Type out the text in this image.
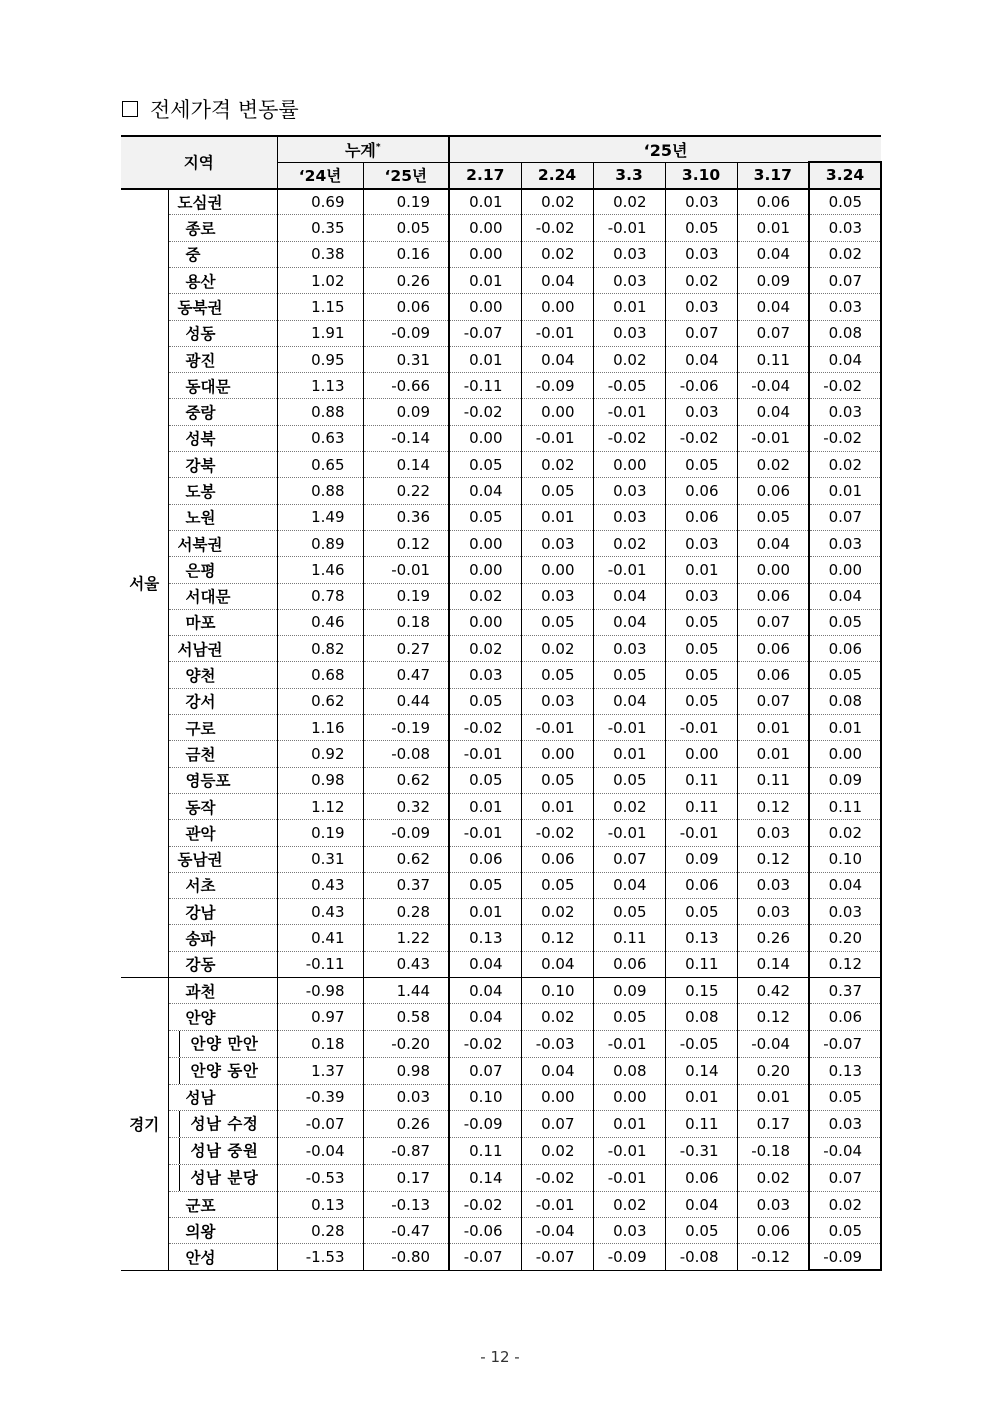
전세가격 변동률
지역		누계*		‘25년					
		‘24년	‘25년	2.17	2.24	3.3	3.10	3.17	3.24
서울	도심권	0.69	0.19	0.01	0.02	0.02	0.03	0.06	0.05
	종로	0.35	0.05	0.00	-0.02	-0.01	0.05	0.01	0.03
	중	0.38	0.16	0.00	0.02	0.03	0.03	0.04	0.02
	용산	1.02	0.26	0.01	0.04	0.03	0.02	0.09	0.07
	동북권	1.15	0.06	0.00	0.00	0.01	0.03	0.04	0.03
	성동	1.91	-0.09	-0.07	-0.01	0.03	0.07	0.07	0.08
	광진	0.95	0.31	0.01	0.04	0.02	0.04	0.11	0.04
	동대문	1.13	-0.66	-0.11	-0.09	-0.05	-0.06	-0.04	-0.02
	중랑	0.88	0.09	-0.02	0.00	-0.01	0.03	0.04	0.03
	성북	0.63	-0.14	0.00	-0.01	-0.02	-0.02	-0.01	-0.02
	강북	0.65	0.14	0.05	0.02	0.00	0.05	0.02	0.02
	도봉	0.88	0.22	0.04	0.05	0.03	0.06	0.06	0.01
	노원	1.49	0.36	0.05	0.01	0.03	0.06	0.05	0.07
	서북권	0.89	0.12	0.00	0.03	0.02	0.03	0.04	0.03
	은평	1.46	-0.01	0.00	0.00	-0.01	0.01	0.00	0.00
	서대문	0.78	0.19	0.02	0.03	0.04	0.03	0.06	0.04
	마포	0.46	0.18	0.00	0.05	0.04	0.05	0.07	0.05
	서남권	0.82	0.27	0.02	0.02	0.03	0.05	0.06	0.06
	양천	0.68	0.47	0.03	0.05	0.05	0.05	0.06	0.05
	강서	0.62	0.44	0.05	0.03	0.04	0.05	0.07	0.08
	구로	1.16	-0.19	-0.02	-0.01	-0.01	-0.01	0.01	0.01
	금천	0.92	-0.08	-0.01	0.00	0.01	0.00	0.01	0.00
	영등포	0.98	0.62	0.05	0.05	0.05	0.11	0.11	0.09
	동작	1.12	0.32	0.01	0.01	0.02	0.11	0.12	0.11
	관악	0.19	-0.09	-0.01	-0.02	-0.01	-0.01	0.03	0.02
	동남권	0.31	0.62	0.06	0.06	0.07	0.09	0.12	0.10
	서초	0.43	0.37	0.05	0.05	0.04	0.06	0.03	0.04
	강남	0.43	0.28	0.01	0.02	0.05	0.05	0.03	0.03
	송파	0.41	1.22	0.13	0.12	0.11	0.13	0.26	0.20
	강동	-0.11	0.43	0.04	0.04	0.06	0.11	0.14	0.12
경기	과천	-0.98	1.44	0.04	0.10	0.09	0.15	0.42	0.37
	안양	0.97	0.58	0.04	0.02	0.05	0.08	0.12	0.06
	안양 만안	0.18	-0.20	-0.02	-0.03	-0.01	-0.05	-0.04	-0.07
	안양 동안	1.37	0.98	0.07	0.04	0.08	0.14	0.20	0.13
	성남	-0.39	0.03	0.10	0.00	0.00	0.01	0.01	0.05
	성남 수정	-0.07	0.26	-0.09	0.07	0.01	0.11	0.17	0.03
	성남 중원	-0.04	-0.87	0.11	0.02	-0.01	-0.31	-0.18	-0.04
	성남 분당	-0.53	0.17	0.14	-0.02	-0.01	0.06	0.02	0.07
	군포	0.13	-0.13	-0.02	-0.01	0.02	0.04	0.03	0.02
	의왕	0.28	-0.47	-0.06	-0.04	0.03	0.05	0.06	0.05
	안성	-1.53	-0.80	-0.07	-0.07	-0.09	-0.08	-0.12	-0.09
- 12 -
